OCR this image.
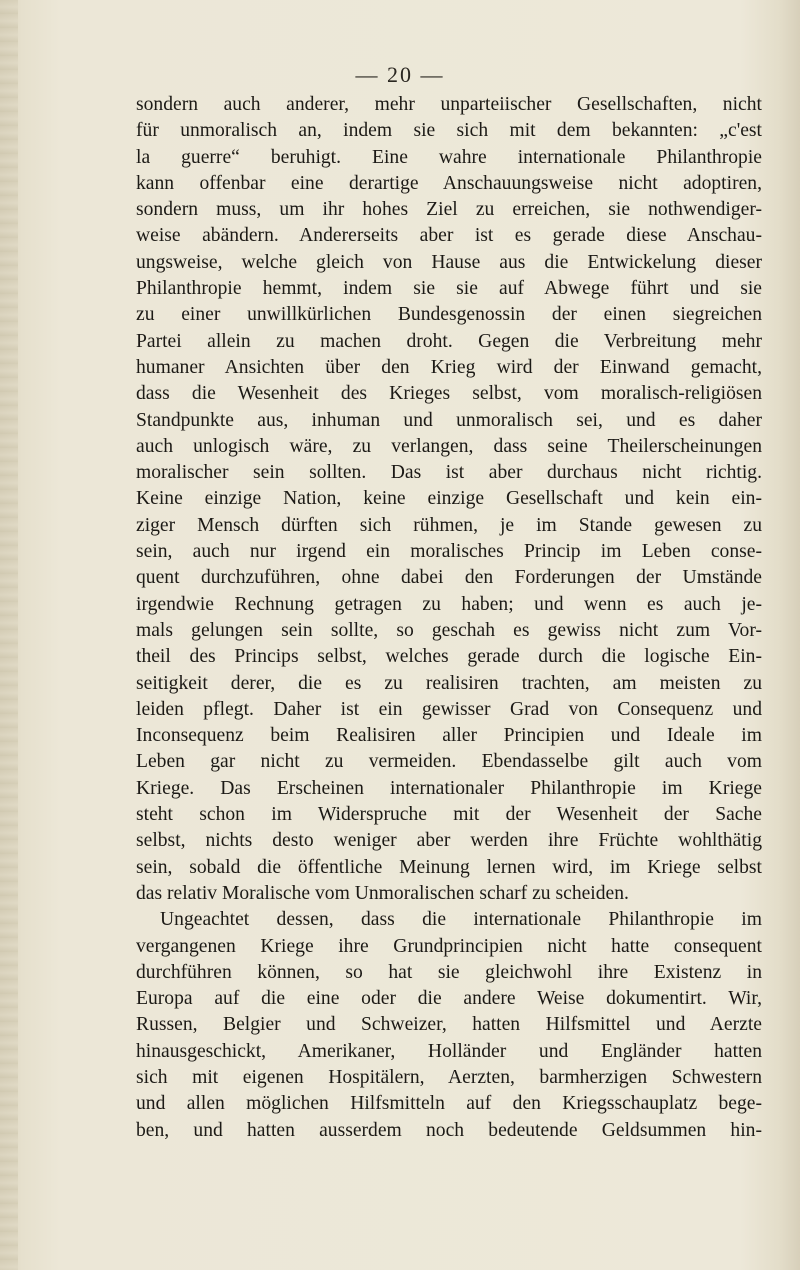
— 20 —
sondern auch anderer, mehr unparteiischer Gesellschaften, nicht
für unmoralisch an, indem sie sich mit dem bekannten: „c'est
la guerre“ beruhigt. Eine wahre internationale Philanthropie
kann offenbar eine derartige Anschauungsweise nicht adoptiren,
sondern muss, um ihr hohes Ziel zu erreichen, sie nothwendiger-
weise abändern. Andererseits aber ist es gerade diese Anschau-
ungsweise, welche gleich von Hause aus die Entwickelung dieser
Philanthropie hemmt, indem sie sie auf Abwege führt und sie
zu einer unwillkürlichen Bundesgenossin der einen siegreichen
Partei allein zu machen droht. Gegen die Verbreitung mehr
humaner Ansichten über den Krieg wird der Einwand gemacht,
dass die Wesenheit des Krieges selbst, vom moralisch-religiösen
Standpunkte aus, inhuman und unmoralisch sei, und es daher
auch unlogisch wäre, zu verlangen, dass seine Theilerscheinungen
moralischer sein sollten. Das ist aber durchaus nicht richtig.
Keine einzige Nation, keine einzige Gesellschaft und kein ein-
ziger Mensch dürften sich rühmen, je im Stande gewesen zu
sein, auch nur irgend ein moralisches Princip im Leben conse-
quent durchzuführen, ohne dabei den Forderungen der Umstände
irgendwie Rechnung getragen zu haben; und wenn es auch je-
mals gelungen sein sollte, so geschah es gewiss nicht zum Vor-
theil des Princips selbst, welches gerade durch die logische Ein-
seitigkeit derer, die es zu realisiren trachten, am meisten zu
leiden pflegt. Daher ist ein gewisser Grad von Consequenz und
Inconsequenz beim Realisiren aller Principien und Ideale im
Leben gar nicht zu vermeiden. Ebendasselbe gilt auch vom
Kriege. Das Erscheinen internationaler Philanthropie im Kriege
steht schon im Widerspruche mit der Wesenheit der Sache
selbst, nichts desto weniger aber werden ihre Früchte wohlthätig
sein, sobald die öffentliche Meinung lernen wird, im Kriege selbst
das relativ Moralische vom Unmoralischen scharf zu scheiden.
Ungeachtet dessen, dass die internationale Philanthropie im
vergangenen Kriege ihre Grundprincipien nicht hatte consequent
durchführen können, so hat sie gleichwohl ihre Existenz in
Europa auf die eine oder die andere Weise dokumentirt. Wir,
Russen, Belgier und Schweizer, hatten Hilfsmittel und Aerzte
hinausgeschickt, Amerikaner, Holländer und Engländer hatten
sich mit eigenen Hospitälern, Aerzten, barmherzigen Schwestern
und allen möglichen Hilfsmitteln auf den Kriegsschauplatz bege-
ben, und hatten ausserdem noch bedeutende Geldsummen hin-
